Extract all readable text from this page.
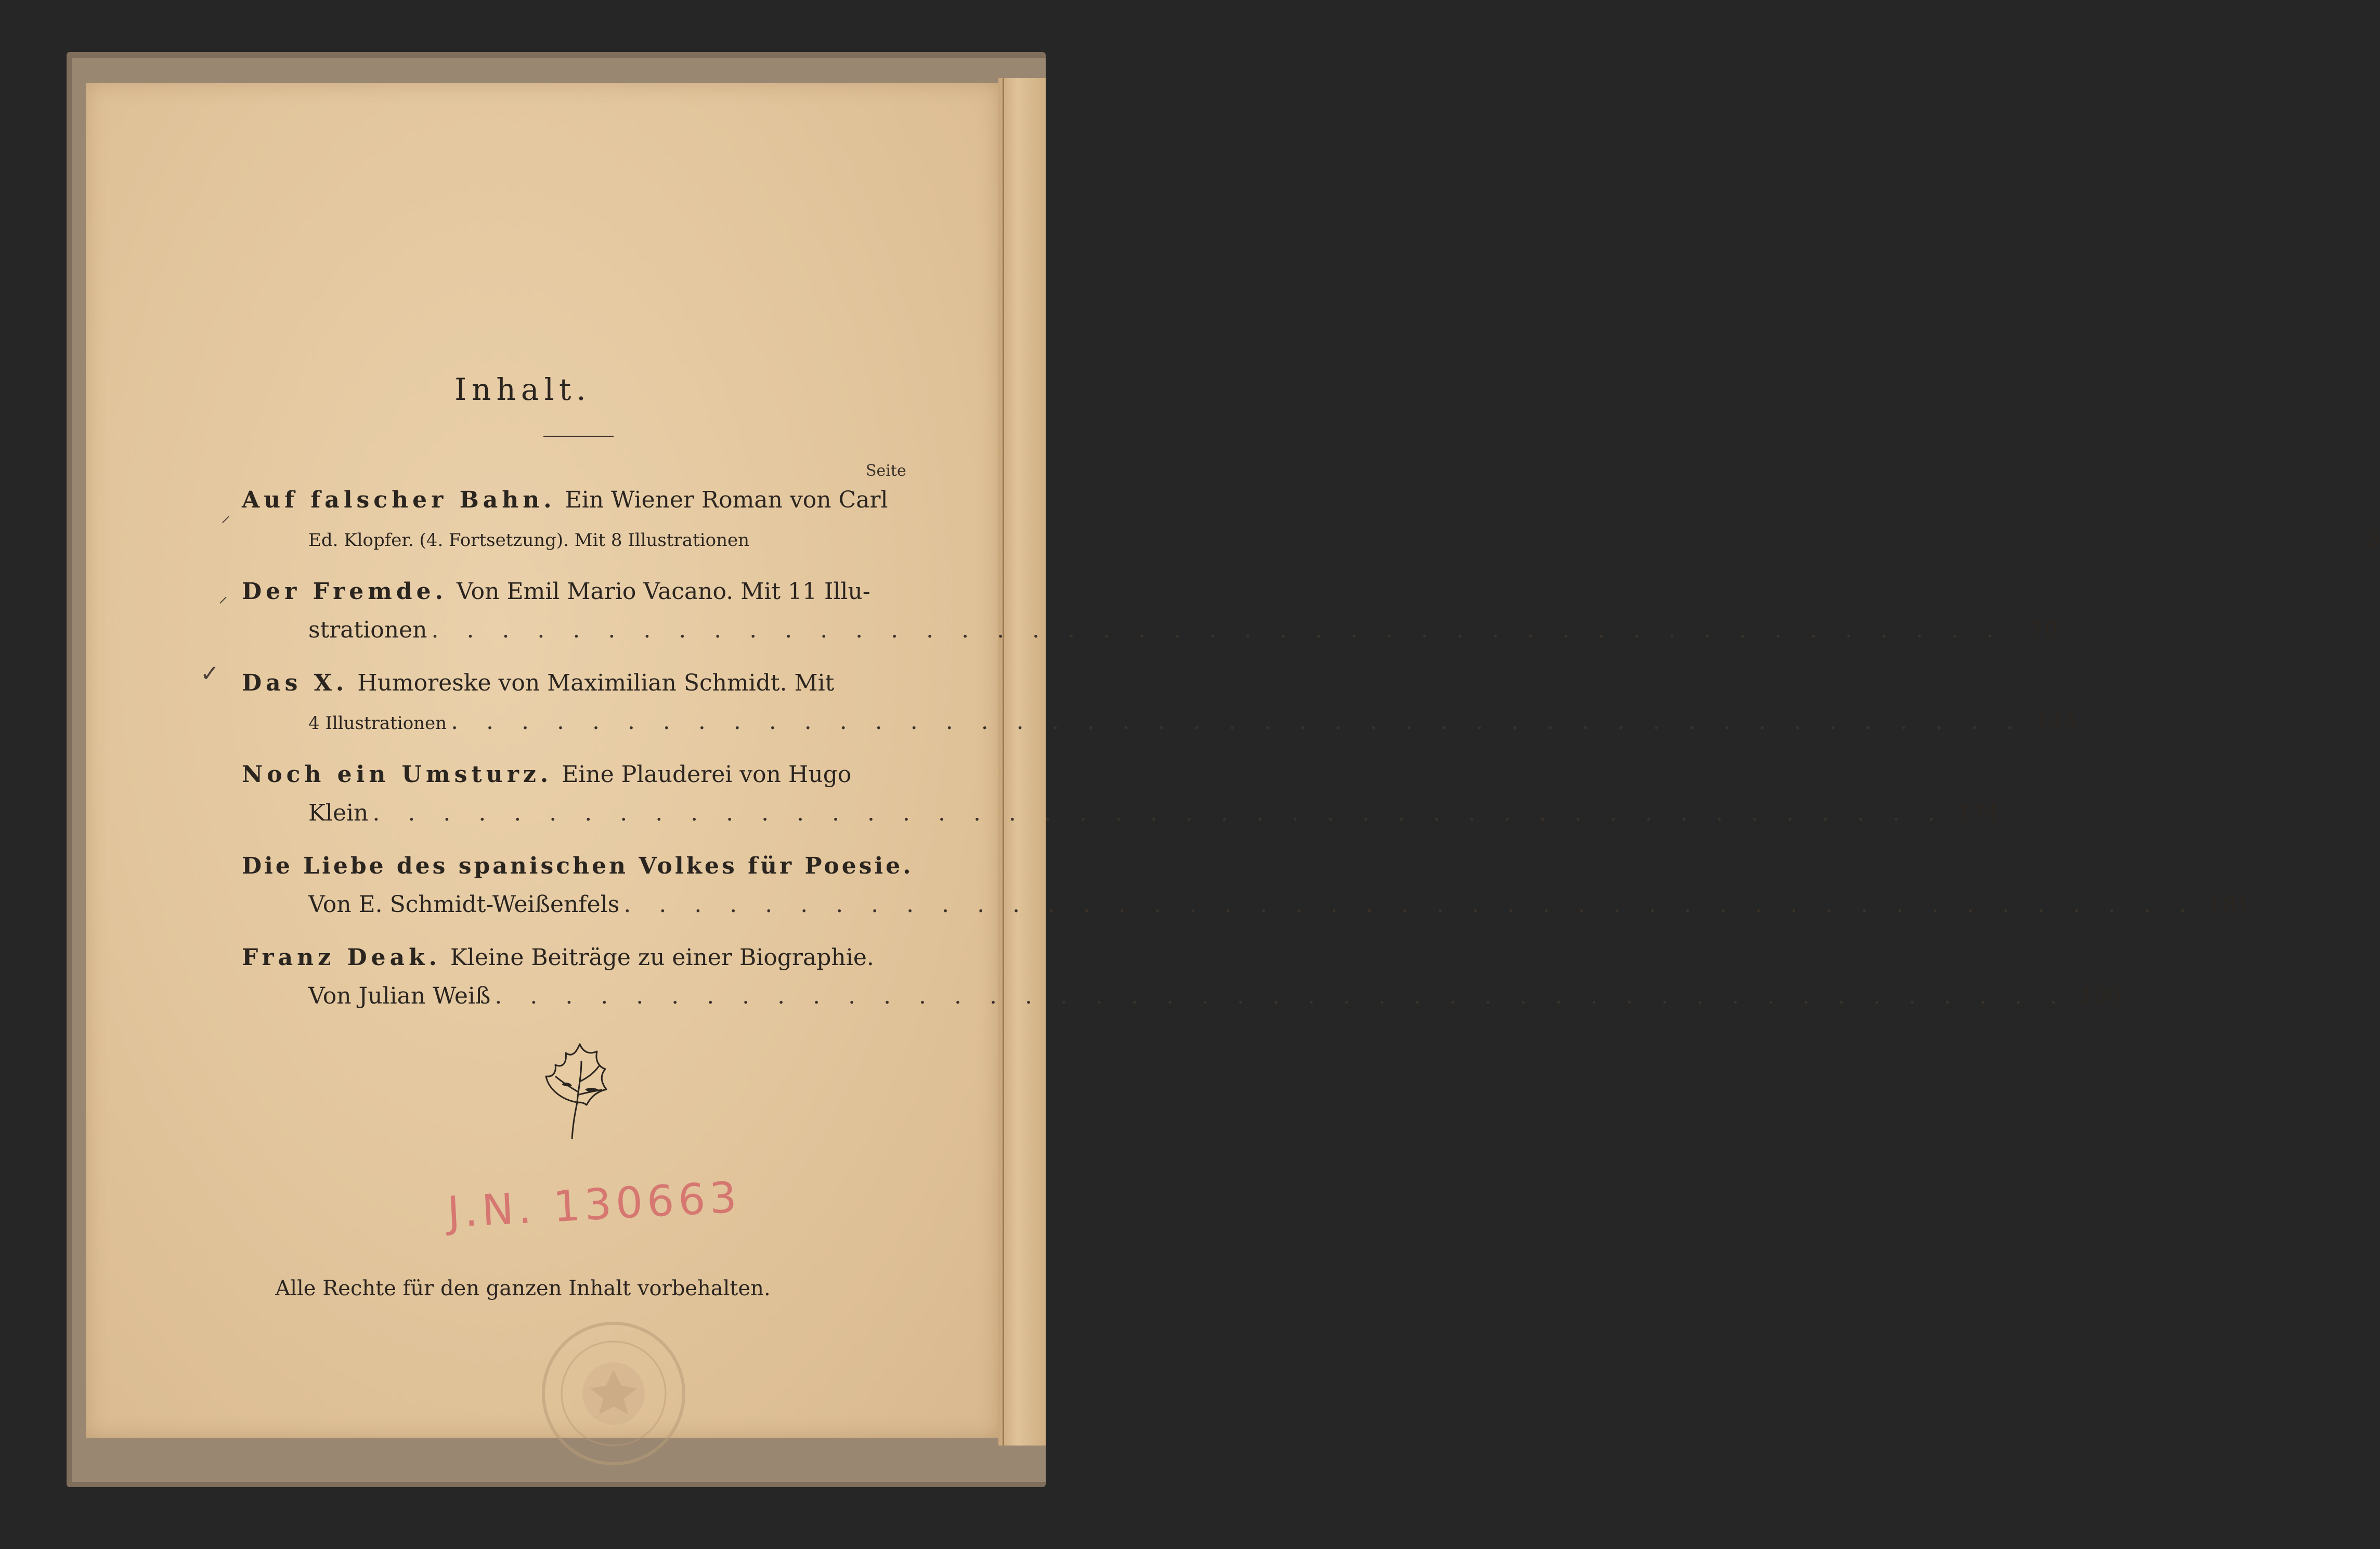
Inhalt.
Seite
⸝
⸝
✓
Auf falscher Bahn. Ein Wiener Roman von Carl
Ed. Klopfer. (4. Fortsetzung). Mit 8 Illustrationen	3
Der Fremde. Von Emil Mario Vacano. Mit 11 Illu-
strationen . . .	70
Das X. Humoreske von Maximilian Schmidt. Mit
4 Illustrationen . . .	144
Noch ein Umsturz. Eine Plauderei von Hugo
Klein . . .	174
Die Liebe des spanischen Volkes für Poesie.
Von E. Schmidt-Weißenfels . . .	181
Franz Deak. Kleine Beiträge zu einer Biographie.
Von Julian Weiß . . .	190
J.N. 130663
Alle Rechte für den ganzen Inhalt vorbehalten.
